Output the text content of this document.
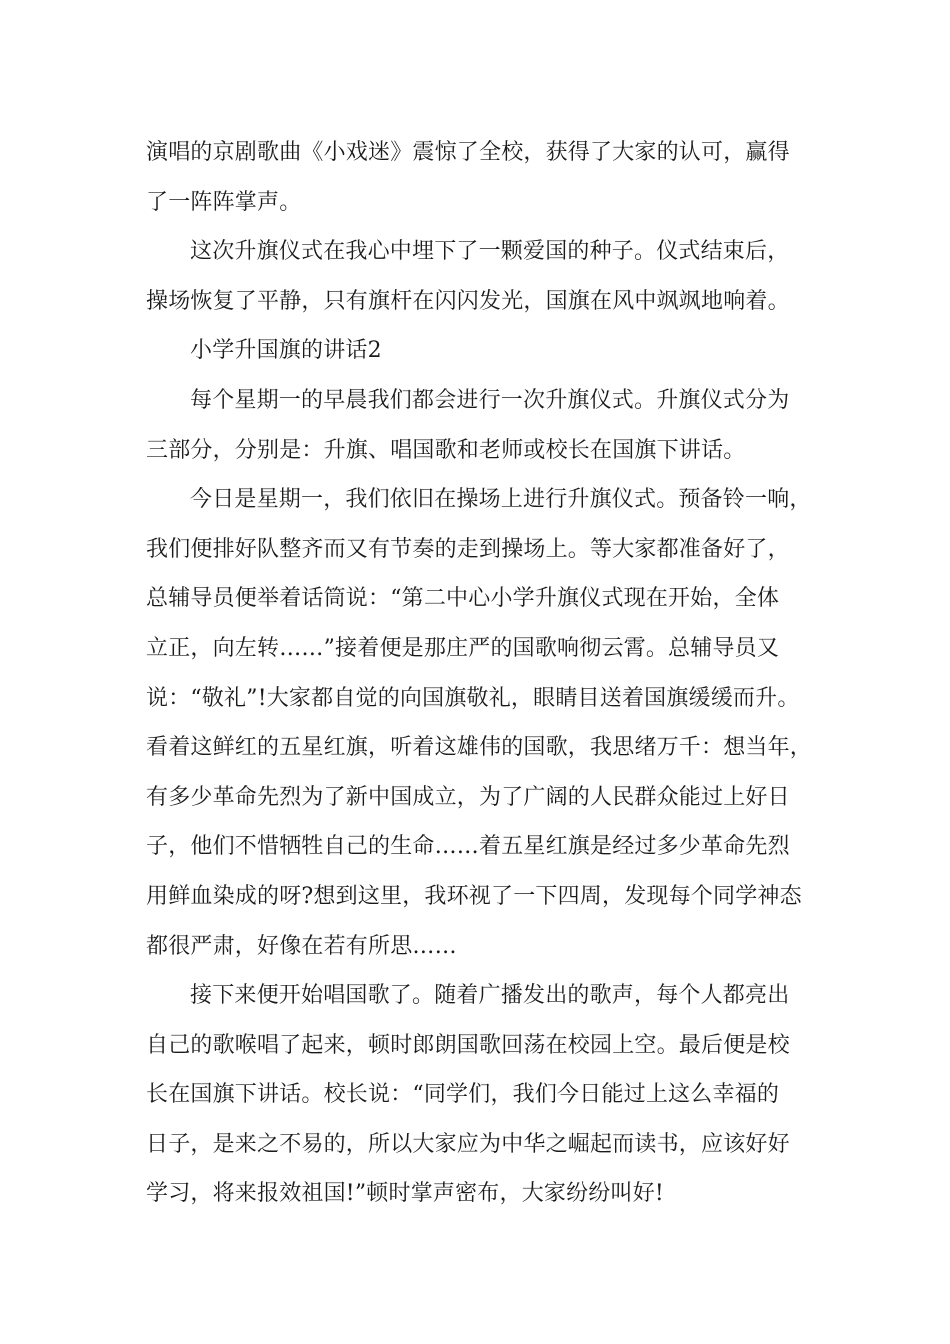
演唱的京剧歌曲《小戏迷》震惊了全校，获得了大家的认可，赢得
了一阵阵掌声。
这次升旗仪式在我心中埋下了一颗爱国的种子。仪式结束后，
操场恢复了平静，只有旗杆在闪闪发光，国旗在风中飒飒地响着。
小学升国旗的讲话2
每个星期一的早晨我们都会进行一次升旗仪式。升旗仪式分为
三部分，分别是：升旗、唱国歌和老师或校长在国旗下讲话。
今日是星期一，我们依旧在操场上进行升旗仪式。预备铃一响，
我们便排好队整齐而又有节奏的走到操场上。等大家都准备好了，
总辅导员便举着话筒说：“第二中心小学升旗仪式现在开始，全体
立正，向左转……”接着便是那庄严的国歌响彻云霄。总辅导员又
说：“敬礼”!大家都自觉的向国旗敬礼，眼睛目送着国旗缓缓而升。
看着这鲜红的五星红旗，听着这雄伟的国歌，我思绪万千：想当年，
有多少革命先烈为了新中国成立，为了广阔的人民群众能过上好日
子，他们不惜牺牲自己的生命……着五星红旗是经过多少革命先烈
用鲜血染成的呀?想到这里，我环视了一下四周，发现每个同学神态
都很严肃，好像在若有所思……
接下来便开始唱国歌了。随着广播发出的歌声，每个人都亮出
自己的歌喉唱了起来，顿时郎朗国歌回荡在校园上空。最后便是校
长在国旗下讲话。校长说：“同学们，我们今日能过上这么幸福的
日子，是来之不易的，所以大家应为中华之崛起而读书，应该好好
学习，将来报效祖国!”顿时掌声密布，大家纷纷叫好!
